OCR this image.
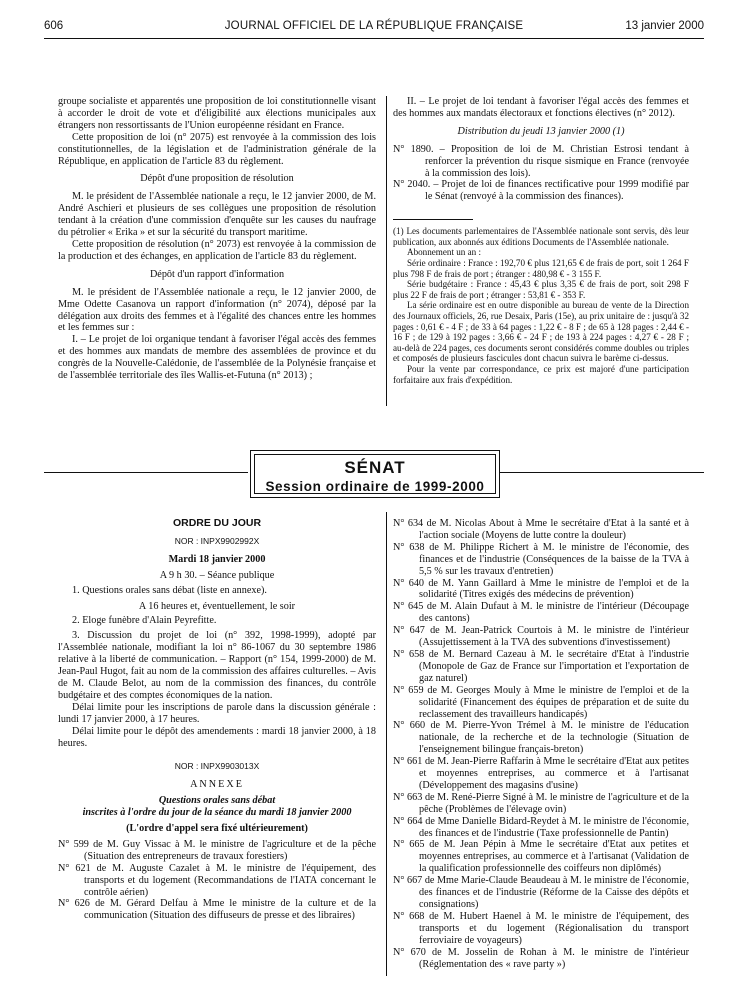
606	JOURNAL OFFICIEL DE LA RÉPUBLIQUE FRANÇAISE	13 janvier 2000

groupe socialiste et apparentés une proposition de loi constitutionnelle visant à accorder le droit de vote et d'éligibilité aux élections municipales aux étrangers non ressortissants de l'Union européenne résidant en France.

Cette proposition de loi (n° 2075) est renvoyée à la commission des lois constitutionnelles, de la législation et de l'administration générale de la République, en application de l'article 83 du règlement.

Dépôt d'une proposition de résolution

M. le président de l'Assemblée nationale a reçu, le 12 janvier 2000, de M. André Aschieri et plusieurs de ses collègues une proposition de résolution tendant à la création d'une commission d'enquête sur les causes du naufrage du pétrolier « Erika » et sur la sécurité du transport maritime.

Cette proposition de résolution (n° 2073) est renvoyée à la commission de la production et des échanges, en application de l'article 83 du règlement.

Dépôt d'un rapport d'information

M. le président de l'Assemblée nationale a reçu, le 12 janvier 2000, de Mme Odette Casanova un rapport d'information (n° 2074), déposé par la délégation aux droits des femmes et à l'égalité des chances entre les hommes et les femmes sur :

I. – Le projet de loi organique tendant à favoriser l'égal accès des femmes et des hommes aux mandats de membre des assemblées de province et du congrès de la Nouvelle-Calédonie, de l'assemblée de la Polynésie française et de l'assemblée territoriale des îles Wallis-et-Futuna (n° 2013) ;

II. – Le projet de loi tendant à favoriser l'égal accès des femmes et des hommes aux mandats électoraux et fonctions électives (n° 2012).

Distribution du jeudi 13 janvier 2000 (1)

N° 1890. – Proposition de loi de M. Christian Estrosi tendant à renforcer la prévention du risque sismique en France (renvoyée à la commission des lois).

N° 2040. – Projet de loi de finances rectificative pour 1999 modifié par le Sénat (renvoyé à la commission des finances).

(1) Les documents parlementaires de l'Assemblée nationale sont servis, dès leur publication, aux abonnés aux éditions Documents de l'Assemblée nationale.

Abonnement un an :

Série ordinaire : France : 192,70 € plus 121,65 € de frais de port, soit 1 264 F plus 798 F de frais de port ; étranger : 480,98 € - 3 155 F.

Série budgétaire : France : 45,43 € plus 3,35 € de frais de port, soit 298 F plus 22 F de frais de port ; étranger : 53,81 € - 353 F.

La série ordinaire est en outre disponible au bureau de vente de la Direction des Journaux officiels, 26, rue Desaix, Paris (15e), au prix unitaire de : jusqu'à 32 pages : 0,61 € - 4 F ; de 33 à 64 pages : 1,22 € - 8 F ; de 65 à 128 pages : 2,44 € - 16 F ; de 129 à 192 pages : 3,66 € - 24 F ; de 193 à 224 pages : 4,27 € - 28 F ; au-delà de 224 pages, ces documents seront considérés comme doubles ou triples et composés de plusieurs fascicules dont chacun suivra le barème ci-dessus.

Pour la vente par correspondance, ce prix est majoré d'une participation forfaitaire aux frais d'expédition.

SÉNAT
Session ordinaire de 1999-2000

ORDRE DU JOUR

NOR : INPX9902992X

Mardi 18 janvier 2000

A 9 h 30. – Séance publique

1. Questions orales sans débat (liste en annexe).

A 16 heures et, éventuellement, le soir

2. Eloge funèbre d'Alain Peyrefitte.

3. Discussion du projet de loi (n° 392, 1998-1999), adopté par l'Assemblée nationale, modifiant la loi n° 86-1067 du 30 septembre 1986 relative à la liberté de communication. – Rapport (n° 154, 1999-2000) de M. Jean-Paul Hugot, fait au nom de la commission des affaires culturelles. – Avis de M. Claude Belot, au nom de la commission des finances, du contrôle budgétaire et des comptes économiques de la nation.

Délai limite pour les inscriptions de parole dans la discussion générale : lundi 17 janvier 2000, à 17 heures.

Délai limite pour le dépôt des amendements : mardi 18 janvier 2000, à 18 heures.

NOR : INPX9903013X

ANNEXE

Questions orales sans débat

inscrites à l'ordre du jour de la séance du mardi 18 janvier 2000

(L'ordre d'appel sera fixé ultérieurement)

N° 599 de M. Guy Vissac à M. le ministre de l'agriculture et de la pêche (Situation des entrepreneurs de travaux forestiers)

N° 621 de M. Auguste Cazalet à M. le ministre de l'équipement, des transports et du logement (Recommandations de l'IATA concernant le contrôle aérien)

N° 626 de M. Gérard Delfau à Mme le ministre de la culture et de la communication (Situation des diffuseurs de presse et des libraires)

N° 634 de M. Nicolas About à Mme le secrétaire d'Etat à la santé et à l'action sociale (Moyens de lutte contre la douleur)

N° 638 de M. Philippe Richert à M. le ministre de l'économie, des finances et de l'industrie (Conséquences de la baisse de la TVA à 5,5 % sur les travaux d'entretien)

N° 640 de M. Yann Gaillard à Mme le ministre de l'emploi et de la solidarité (Titres exigés des médecins de prévention)

N° 645 de M. Alain Dufaut à M. le ministre de l'intérieur (Découpage des cantons)

N° 647 de M. Jean-Patrick Courtois à M. le ministre de l'intérieur (Assujettissement à la TVA des subventions d'investissement)

N° 658 de M. Bernard Cazeau à M. le secrétaire d'Etat à l'industrie (Monopole de Gaz de France sur l'importation et l'exportation de gaz naturel)

N° 659 de M. Georges Mouly à Mme le ministre de l'emploi et de la solidarité (Financement des équipes de préparation et de suite du reclassement des travailleurs handicapés)

N° 660 de M. Pierre-Yvon Trémel à M. le ministre de l'éducation nationale, de la recherche et de la technologie (Situation de l'enseignement bilingue français-breton)

N° 661 de M. Jean-Pierre Raffarin à Mme le secrétaire d'Etat aux petites et moyennes entreprises, au commerce et à l'artisanat (Développement des magasins d'usine)

N° 663 de M. René-Pierre Signé à M. le ministre de l'agriculture et de la pêche (Problèmes de l'élevage ovin)

N° 664 de Mme Danielle Bidard-Reydet à M. le ministre de l'économie, des finances et de l'industrie (Taxe professionnelle de Pantin)

N° 665 de M. Jean Pépin à Mme le secrétaire d'Etat aux petites et moyennes entreprises, au commerce et à l'artisanat (Validation de la qualification professionnelle des coiffeurs non diplômés)

N° 667 de Mme Marie-Claude Beaudeau à M. le ministre de l'économie, des finances et de l'industrie (Réforme de la Caisse des dépôts et consignations)

N° 668 de M. Hubert Haenel à M. le ministre de l'équipement, des transports et du logement (Régionalisation du transport ferroviaire de voyageurs)

N° 670 de M. Josselin de Rohan à M. le ministre de l'intérieur (Réglementation des « rave party »)
